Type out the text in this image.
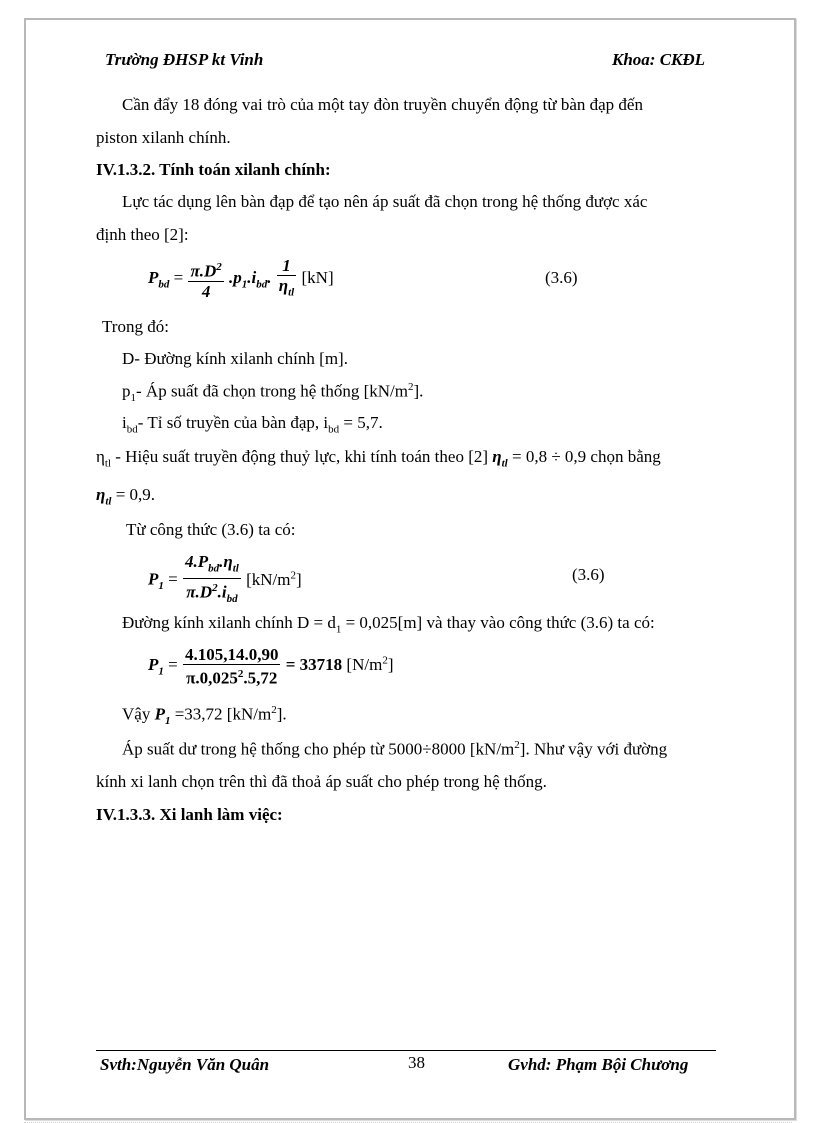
Trường ĐHSP kt Vinh	Khoa: CKĐL
Cần đẩy 18 đóng vai trò của một tay đòn truyền chuyển động từ bàn đạp đến
piston xilanh chính.
IV.1.3.2. Tính toán xilanh chính:
Lực tác dụng lên bàn đạp để tạo nên áp suất đã chọn trong hệ thống được xác
định theo [2]:
$P_{bd} = \frac{\pi.D^2}{4} .p_1.i_{bd}$. $\frac{1}{\eta_{tl}} [kN]$	(3.6)
Trong đó:
D- Đường kính xilanh chính [m].
$p_1-$ Áp suất đã chọn trong hệ thống $[kN/m^2]$.
$i_{bd}-$ Tỉ số truyền của bàn đạp, $i_{bd} = 5,7$.
$\eta_{tl}$ - Hiệu suất truyền động thuỷ lực, khi tính toán theo [2] $\eta_{tl} = 0,8 \div 0,9$ chọn bằng
$\eta_{tl} = 0,9$.
Từ công thức (3.6) ta có:
$P_1 = \frac{4.P_{bd}.\eta_{tl}}{\pi.D^2.i_{bd}} [kN/m^2]$	(3.6)
Đường kính xilanh chính $D = d_1 = 0,025[m]$ và thay vào công thức (3.6) ta có:
$P_1 = \frac{4.105,14.0,90}{\pi.0,025^2.5,72} = 33718$ $[N/m^2]$
Vậy $P_1 =33,72$ $[kN/m^2]$.
Áp suất dư trong hệ thống cho phép từ 5000÷8000 $[kN/m^2]$. Như vậy với đường
kính xi lanh chọn trên thì đã thoả áp suất cho phép trong hệ thống.
IV.1.3.3. Xi lanh làm việc:
Svth:Nguyễn Văn Quân	38	Gvhd: Phạm Bội Chương
